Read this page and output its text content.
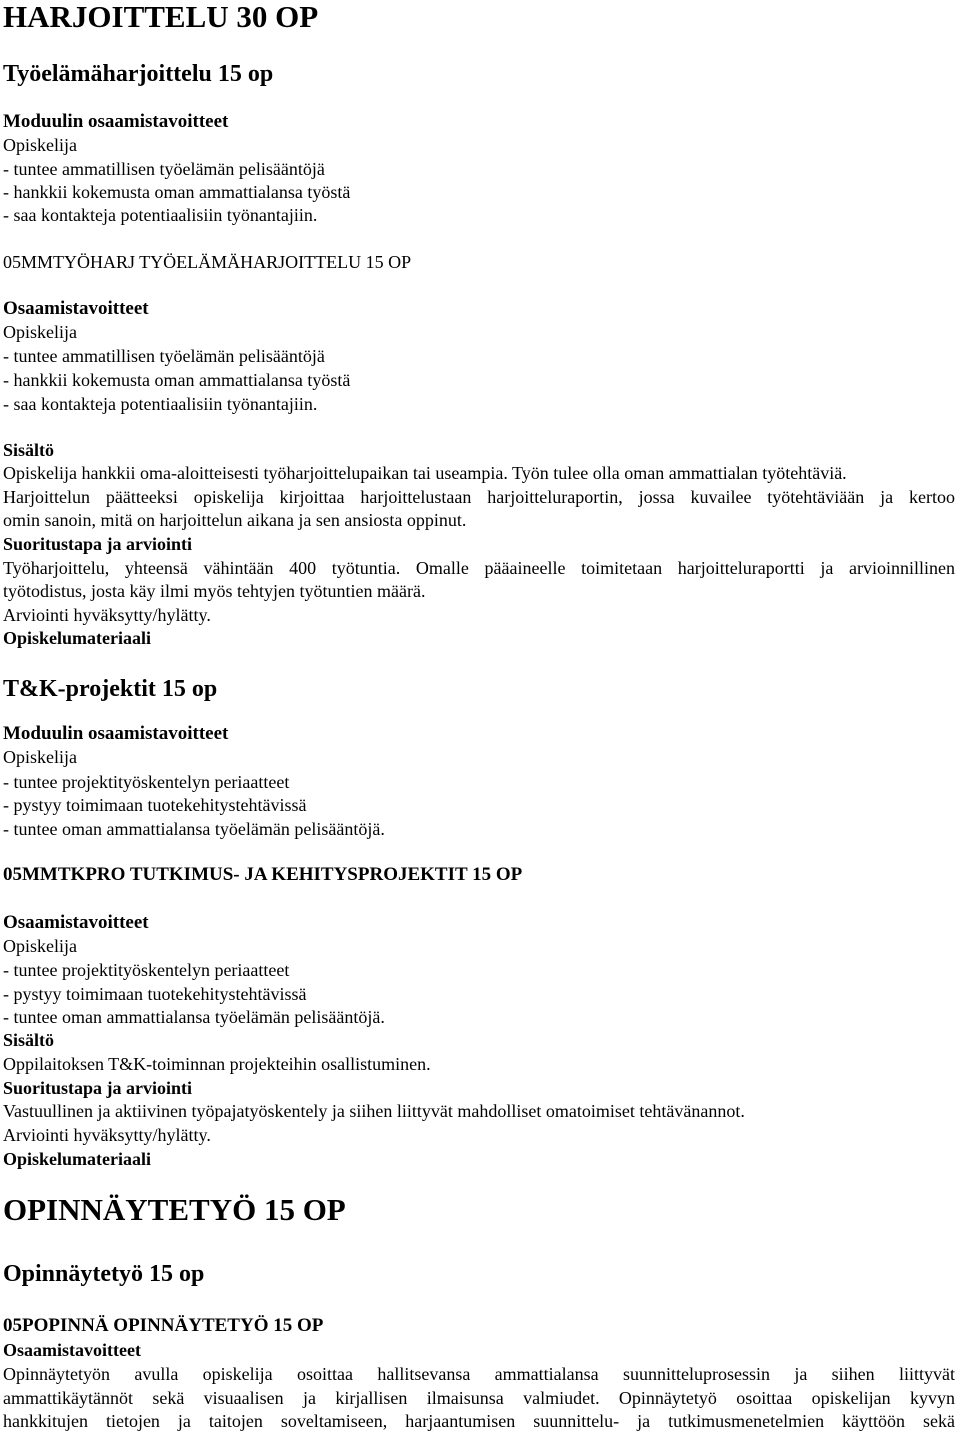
HARJOITTELU 30 OP
Työelämäharjoittelu 15 op
Moduulin osaamistavoitteet
Opiskelija
- tuntee ammatillisen työelämän pelisääntöjä
- hankkii kokemusta oman ammattialansa työstä
- saa kontakteja potentiaalisiin työnantajiin.
05MMTYÖHARJ TYÖELÄMÄHARJOITTELU 15 OP
Osaamistavoitteet
Opiskelija
- tuntee ammatillisen työelämän pelisääntöjä
- hankkii kokemusta oman ammattialansa työstä
- saa kontakteja potentiaalisiin työnantajiin.
Sisältö
Opiskelija hankkii oma-aloitteisesti työharjoittelupaikan tai useampia. Työn tulee olla oman ammattialan työtehtäviä.
Harjoittelun päätteeksi opiskelija kirjoittaa harjoittelustaan harjoitteluraportin, jossa kuvailee työtehtäviään ja kertoo
omin sanoin, mitä on harjoittelun aikana ja sen ansiosta oppinut.
Suoritustapa ja arviointi
Työharjoittelu, yhteensä vähintään 400 työtuntia. Omalle pääaineelle toimitetaan harjoitteluraportti ja arvioinnillinen
työtodistus, josta käy ilmi myös tehtyjen työtuntien määrä.
Arviointi hyväksytty/hylätty.
Opiskelumateriaali
T&K-projektit 15 op
Moduulin osaamistavoitteet
Opiskelija
- tuntee projektityöskentelyn periaatteet
- pystyy toimimaan tuotekehitystehtävissä
- tuntee oman ammattialansa työelämän pelisääntöjä.
05MMTKPRO TUTKIMUS- JA KEHITYSPROJEKTIT 15 OP
Osaamistavoitteet
Opiskelija
- tuntee projektityöskentelyn periaatteet
- pystyy toimimaan tuotekehitystehtävissä
- tuntee oman ammattialansa työelämän pelisääntöjä.
Sisältö
Oppilaitoksen T&K-toiminnan projekteihin osallistuminen.
Suoritustapa ja arviointi
Vastuullinen ja aktiivinen työpajatyöskentely ja siihen liittyvät mahdolliset omatoimiset tehtävänannot.
Arviointi hyväksytty/hylätty.
Opiskelumateriaali
OPINNÄYTETYÖ 15 OP
Opinnäytetyö 15 op
05POPINNÄ OPINNÄYTETYÖ 15 OP
Osaamistavoitteet
Opinnäytetyön avulla opiskelija osoittaa hallitsevansa ammattialansa suunnitteluprosessin ja siihen liittyvät
ammattikäytännöt sekä visuaalisen ja kirjallisen ilmaisunsa valmiudet. Opinnäytetyö osoittaa opiskelijan kyvyn
hankkitujen tietojen ja taitojen soveltamiseen, harjaantumisen suunnittelu- ja tutkimusmenetelmien käyttöön sekä
